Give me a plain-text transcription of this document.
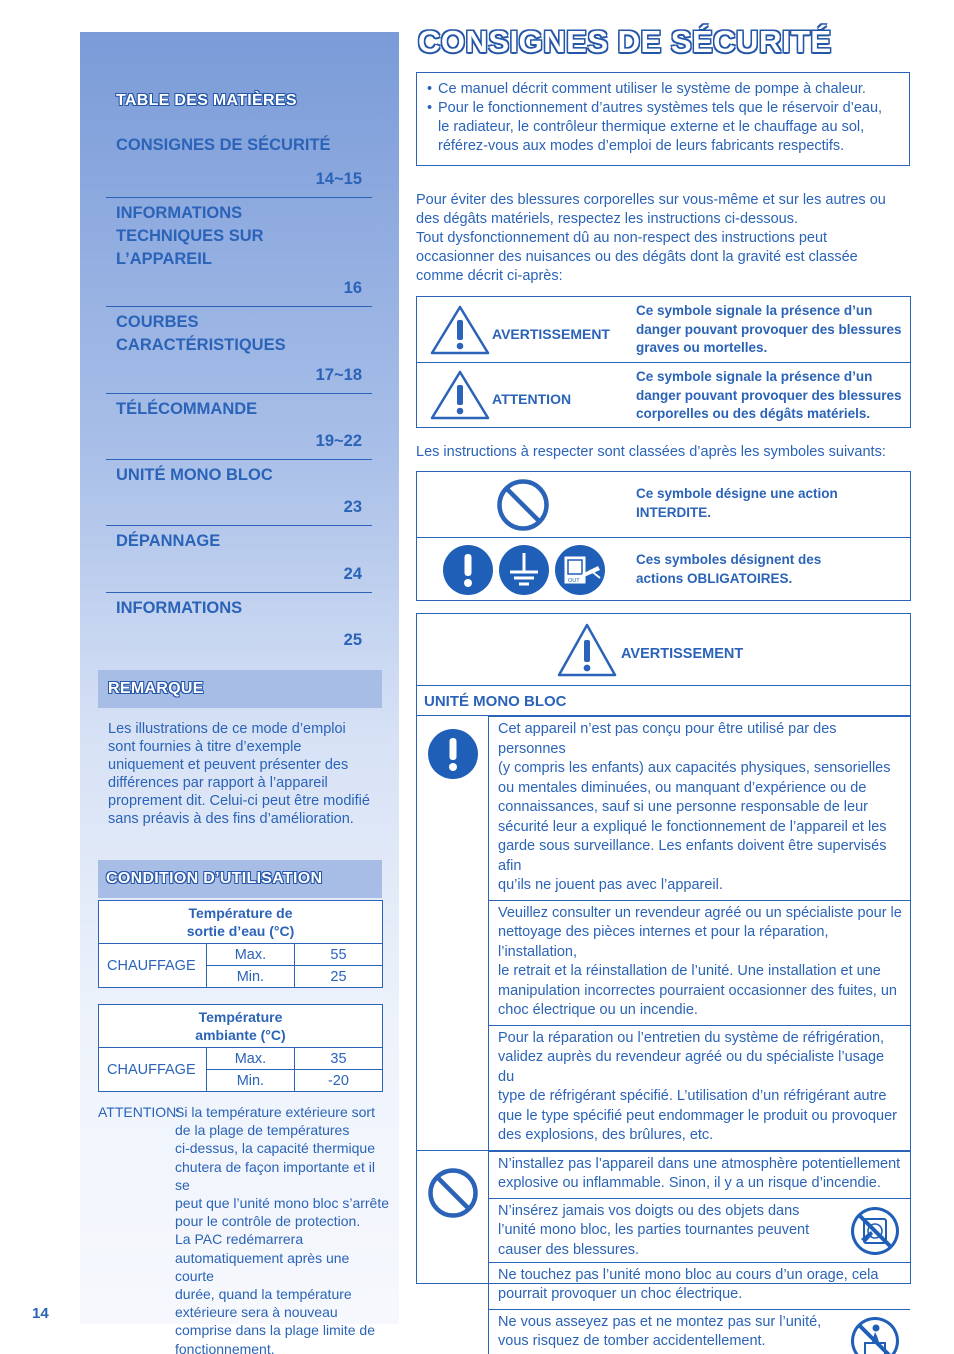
TABLE DES MATIÈRES
CONSIGNES DE SÉCURITÉ
14~15
INFORMATIONS
TECHNIQUES SUR
L’APPAREIL
16
COURBES
CARACTÉRISTIQUES
17~18
TÉLÉCOMMANDE
19~22
UNITÉ MONO BLOC
23
DÉPANNAGE
24
INFORMATIONS
25
REMARQUE
Les illustrations de ce mode d’emploi sont fournies à titre d’exemple uniquement et peuvent présenter des différences par rapport à l’appareil proprement dit. Celui-ci peut être modifié sans préavis à des fins d’amélioration.
CONDITION D’UTILISATION
Température de
sortie d’eau (°C)		
CHAUFFAGE	Max.	55
	Min.	25
Température
ambiante (°C)		
CHAUFFAGE	Max.	35
	Min.	-20
ATTENTION:
Si la température extérieure sort
de la plage de températures
ci-dessus, la capacité thermique
chutera de façon importante et il se
peut que l’unité mono bloc s’arrête
pour le contrôle de protection.
La PAC redémarrera
automatiquement après une courte
durée, quand la température
extérieure sera à nouveau
comprise dans la plage limite de
fonctionnement.
14
CONSIGNES DE SÉCURITÉ
• Ce manuel décrit comment utiliser le système de pompe à chaleur.
• Pour le fonctionnement d’autres systèmes tels que le réservoir d’eau,
le radiateur, le contrôleur thermique externe et le chauffage au sol,
référez-vous aux modes d’emploi de leurs fabricants respectifs.
Pour éviter des blessures corporelles sur vous-même et sur les autres ou
des dégâts matériels, respectez les instructions ci-dessous.
Tout dysfonctionnement dû au non-respect des instructions peut
occasionner des nuisances ou des dégâts dont la gravité est classée
comme décrit ci-après:
AVERTISSEMENT
Ce symbole signale la présence d’un
danger pouvant provoquer des blessures
graves ou mortelles.
ATTENTION
Ce symbole signale la présence d’un
danger pouvant provoquer des blessures
corporelles ou des dégâts matériels.
Les instructions à respecter sont classées d’après les symboles suivants:
Ce symbole désigne une action
INTERDITE.
OUT
Ces symboles désignent des
actions OBLIGATOIRES.
AVERTISSEMENT
UNITÉ MONO BLOC
Cet appareil n’est pas conçu pour être utilisé par des personnes
(y compris les enfants) aux capacités physiques, sensorielles
ou mentales diminuées, ou manquant d’expérience ou de
connaissances, sauf si une personne responsable de leur
sécurité leur a expliqué le fonctionnement de l’appareil et les
garde sous surveillance. Les enfants doivent être supervisés afin
qu’ils ne jouent pas avec l’appareil.
Veuillez consulter un revendeur agréé ou un spécialiste pour le
nettoyage des pièces internes et pour la réparation, l’installation,
le retrait et la réinstallation de l’unité. Une installation et une
manipulation incorrectes pourraient occasionner des fuites, un
choc électrique ou un incendie.
Pour la réparation ou l’entretien du système de réfrigération,
validez auprès du revendeur agréé ou du spécialiste l’usage du
type de réfrigérant spécifié. L’utilisation d’un réfrigérant autre
que le type spécifié peut endommager le produit ou provoquer
des explosions, des brûlures, etc.
N’installez pas l’appareil dans une atmosphère potentiellement
explosive ou inflammable. Sinon, il y a un risque d’incendie.
N’insérez jamais vos doigts ou des objets dans
l’unité mono bloc, les parties tournantes peuvent
causer des blessures.
Ne touchez pas l’unité mono bloc au cours d’un orage, cela
pourrait provoquer un choc électrique.
Ne vous asseyez pas et ne montez pas sur l’unité,
vous risquez de tomber accidentellement.
